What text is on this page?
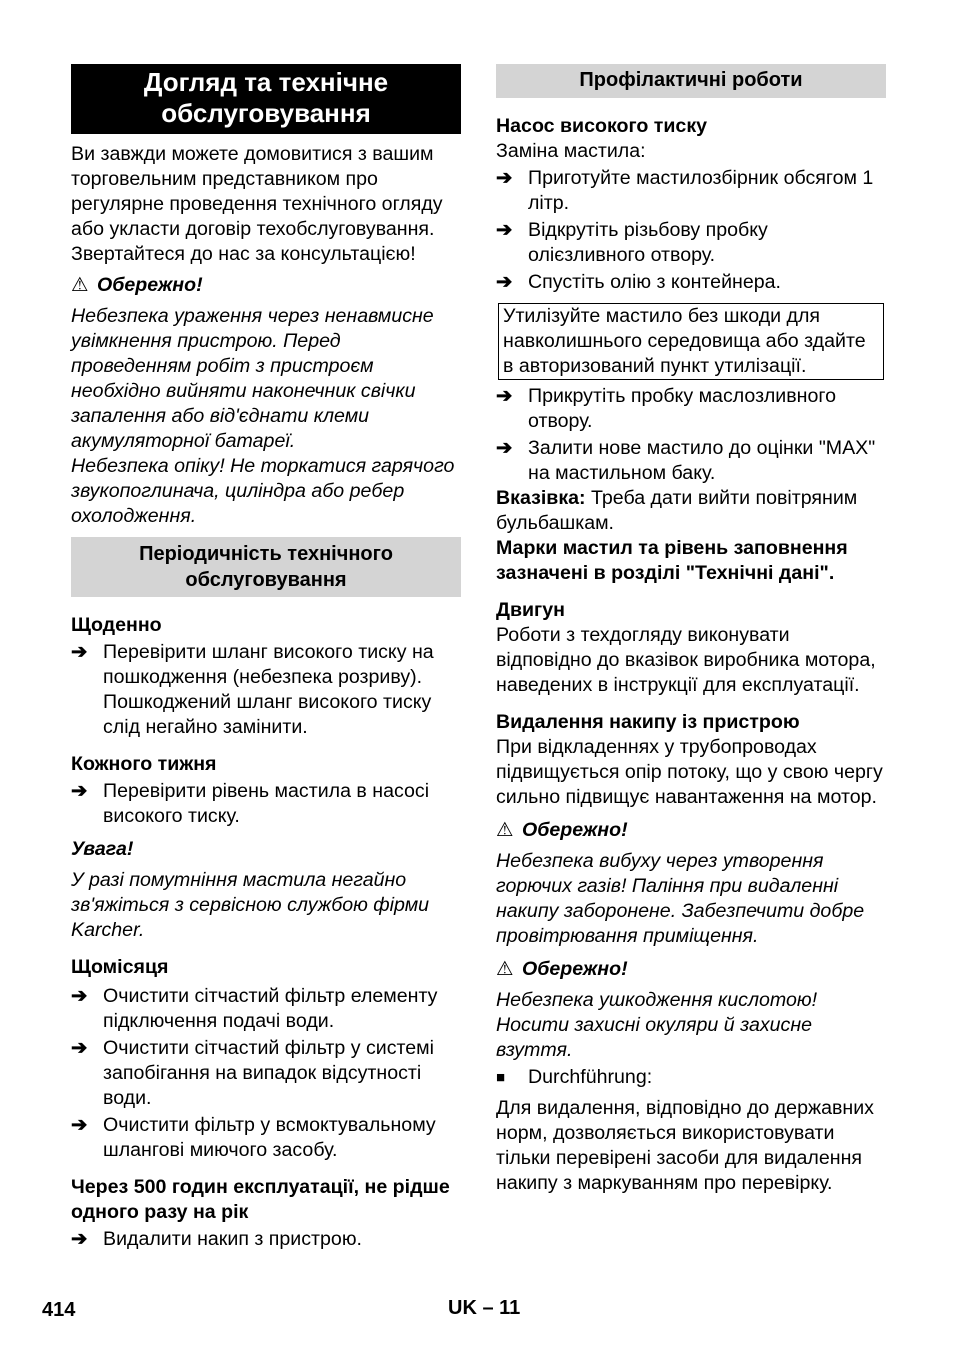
Догляд та технічне
обслуговування

Ви завжди можете домовитися з вашим торговельним представником про регулярне проведення технічного огляду або укласти договір техобслуговування. Звертайтеся до нас за консультацією!

⚠ Обережно!

Небезпека ураження через ненавмисне увімкнення пристрою. Перед проведенням робіт з пристроєм необхідно вийняти наконечник свічки запалення або від'єднати клеми акумуляторної батареї.

Небезпека опіку! Не торкатися гарячого звукопоглинача, циліндра або ребер охолодження.

Періодичність технічного
обслуговування

Щоденно

➔ Перевірити шланг високого тиску на пошкодження (небезпека розриву). Пошкоджений шланг високого тиску слід негайно замінити.

Кожного тижня

➔ Перевірити рівень мастила в насосі високого тиску.

Увага!

У разі помутніння мастила негайно зв'яжіться з сервісною службою фірми Karcher.

Щомісяця

➔ Очистити сітчастий фільтр елементу підключення подачі води.
➔ Очистити сітчастий фільтр у системі запобігання на випадок відсутності води.
➔ Очистити фільтр у всмоктувальному шлангові миючого засобу.

Через 500 годин експлуатації, не рідше одного разу на рік

➔ Видалити накип з пристрою.
Профілактичні роботи

Насос високого тиску

Заміна мастила:

➔ Приготуйте мастилозбірник обсягом 1 літр.
➔ Відкрутіть різьбову пробку олієзливного отвору.
➔ Спустіть олію з контейнера.
Утилізуйте мастило без шкоди для навколишнього середовища або здайте в авторизований пункт утилізації.
➔ Прикрутіть пробку маслозливного отвору.
➔ Залити нове мастило до оцінки "MAX" на мастильном баку.

Вказівка: Треба дати вийти повітряним бульбашкам.

Марки мастил та рівень заповнення зазначені в розділі "Технічні дані".

Двигун

Роботи з техдогляду виконувати відповідно до вказівок виробника мотора, наведених в інструкції для експлуатації.

Видалення накипу із пристрою

При відкладеннях у трубопроводах підвищується опір потоку, що у свою чергу сильно підвищує навантаження на мотор.

⚠ Обережно!

Небезпека вибуху через утворення горючих газів! Паління при видаленні накипу заборонене. Забезпечити добре провітрювання приміщення.

⚠ Обережно!

Небезпека ушкодження кислотою! Носити захисні окуляри й захисне взуття.

■ Durchführung:

Для видалення, відповідно до державних норм, дозволяється використовувати тільки перевірені засоби для видалення накипу з маркуванням про перевірку.

414	UK – 11
